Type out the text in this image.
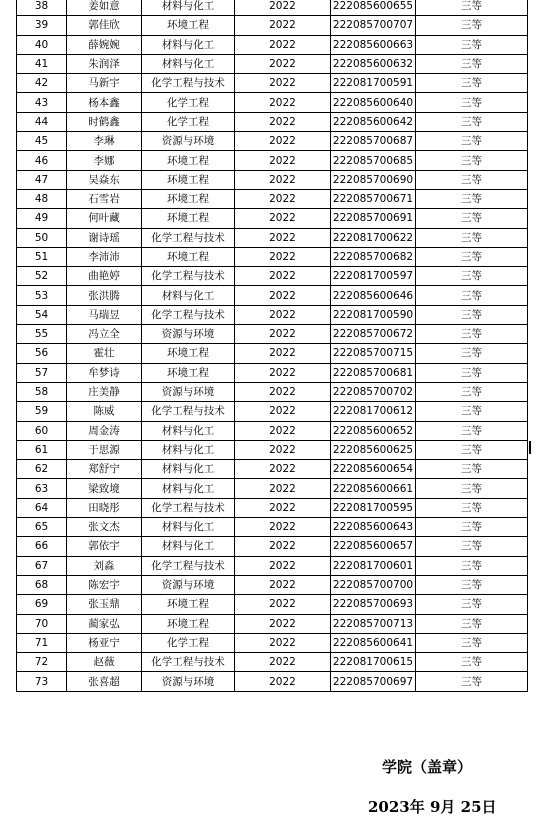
38	姜如意	材料与化工	2022	222085600655	三等
39	郭佳欣	环境工程	2022	222085700707	三等
40	薛婉婉	材料与化工	2022	222085600663	三等
41	朱润泽	材料与化工	2022	222085600632	三等
42	马新宇	化学工程与技术	2022	222081700591	三等
43	杨本鑫	化学工程	2022	222085600640	三等
44	时鹤鑫	化学工程	2022	222085600642	三等
45	李琳	资源与环境	2022	222085700687	三等
46	李娜	环境工程	2022	222085700685	三等
47	吴焱东	环境工程	2022	222085700690	三等
48	石雪岩	环境工程	2022	222085700671	三等
49	何叶藏	环境工程	2022	222085700691	三等
50	谢诗瑶	化学工程与技术	2022	222081700622	三等
51	李沛沛	环境工程	2022	222085700682	三等
52	曲艳婷	化学工程与技术	2022	222081700597	三等
53	张洪腾	材料与化工	2022	222085600646	三等
54	马瑞昱	化学工程与技术	2022	222081700590	三等
55	冯立全	资源与环境	2022	222085700672	三等
56	霍壮	环境工程	2022	222085700715	三等
57	牟梦诗	环境工程	2022	222085700681	三等
58	庄美静	资源与环境	2022	222085700702	三等
59	陈威	化学工程与技术	2022	222081700612	三等
60	周金涛	材料与化工	2022	222085600652	三等
61	于思源	材料与化工	2022	222085600625	三等
62	郑舒宁	材料与化工	2022	222085600654	三等
63	梁致境	材料与化工	2022	222085600661	三等
64	田晓彤	化学工程与技术	2022	222081700595	三等
65	张文杰	材料与化工	2022	222085600643	三等
66	郭依宇	材料与化工	2022	222085600657	三等
67	刘淼	化学工程与技术	2022	222081700601	三等
68	陈宏宇	资源与环境	2022	222085700700	三等
69	张玉鼎	环境工程	2022	222085700693	三等
70	蔺家弘	环境工程	2022	222085700713	三等
71	杨亚宁	化学工程	2022	222085600641	三等
72	赵薇	化学工程与技术	2022	222081700615	三等
73	张喜超	资源与环境	2022	222085700697	三等
学院（盖章）
2023年 9月 25日
